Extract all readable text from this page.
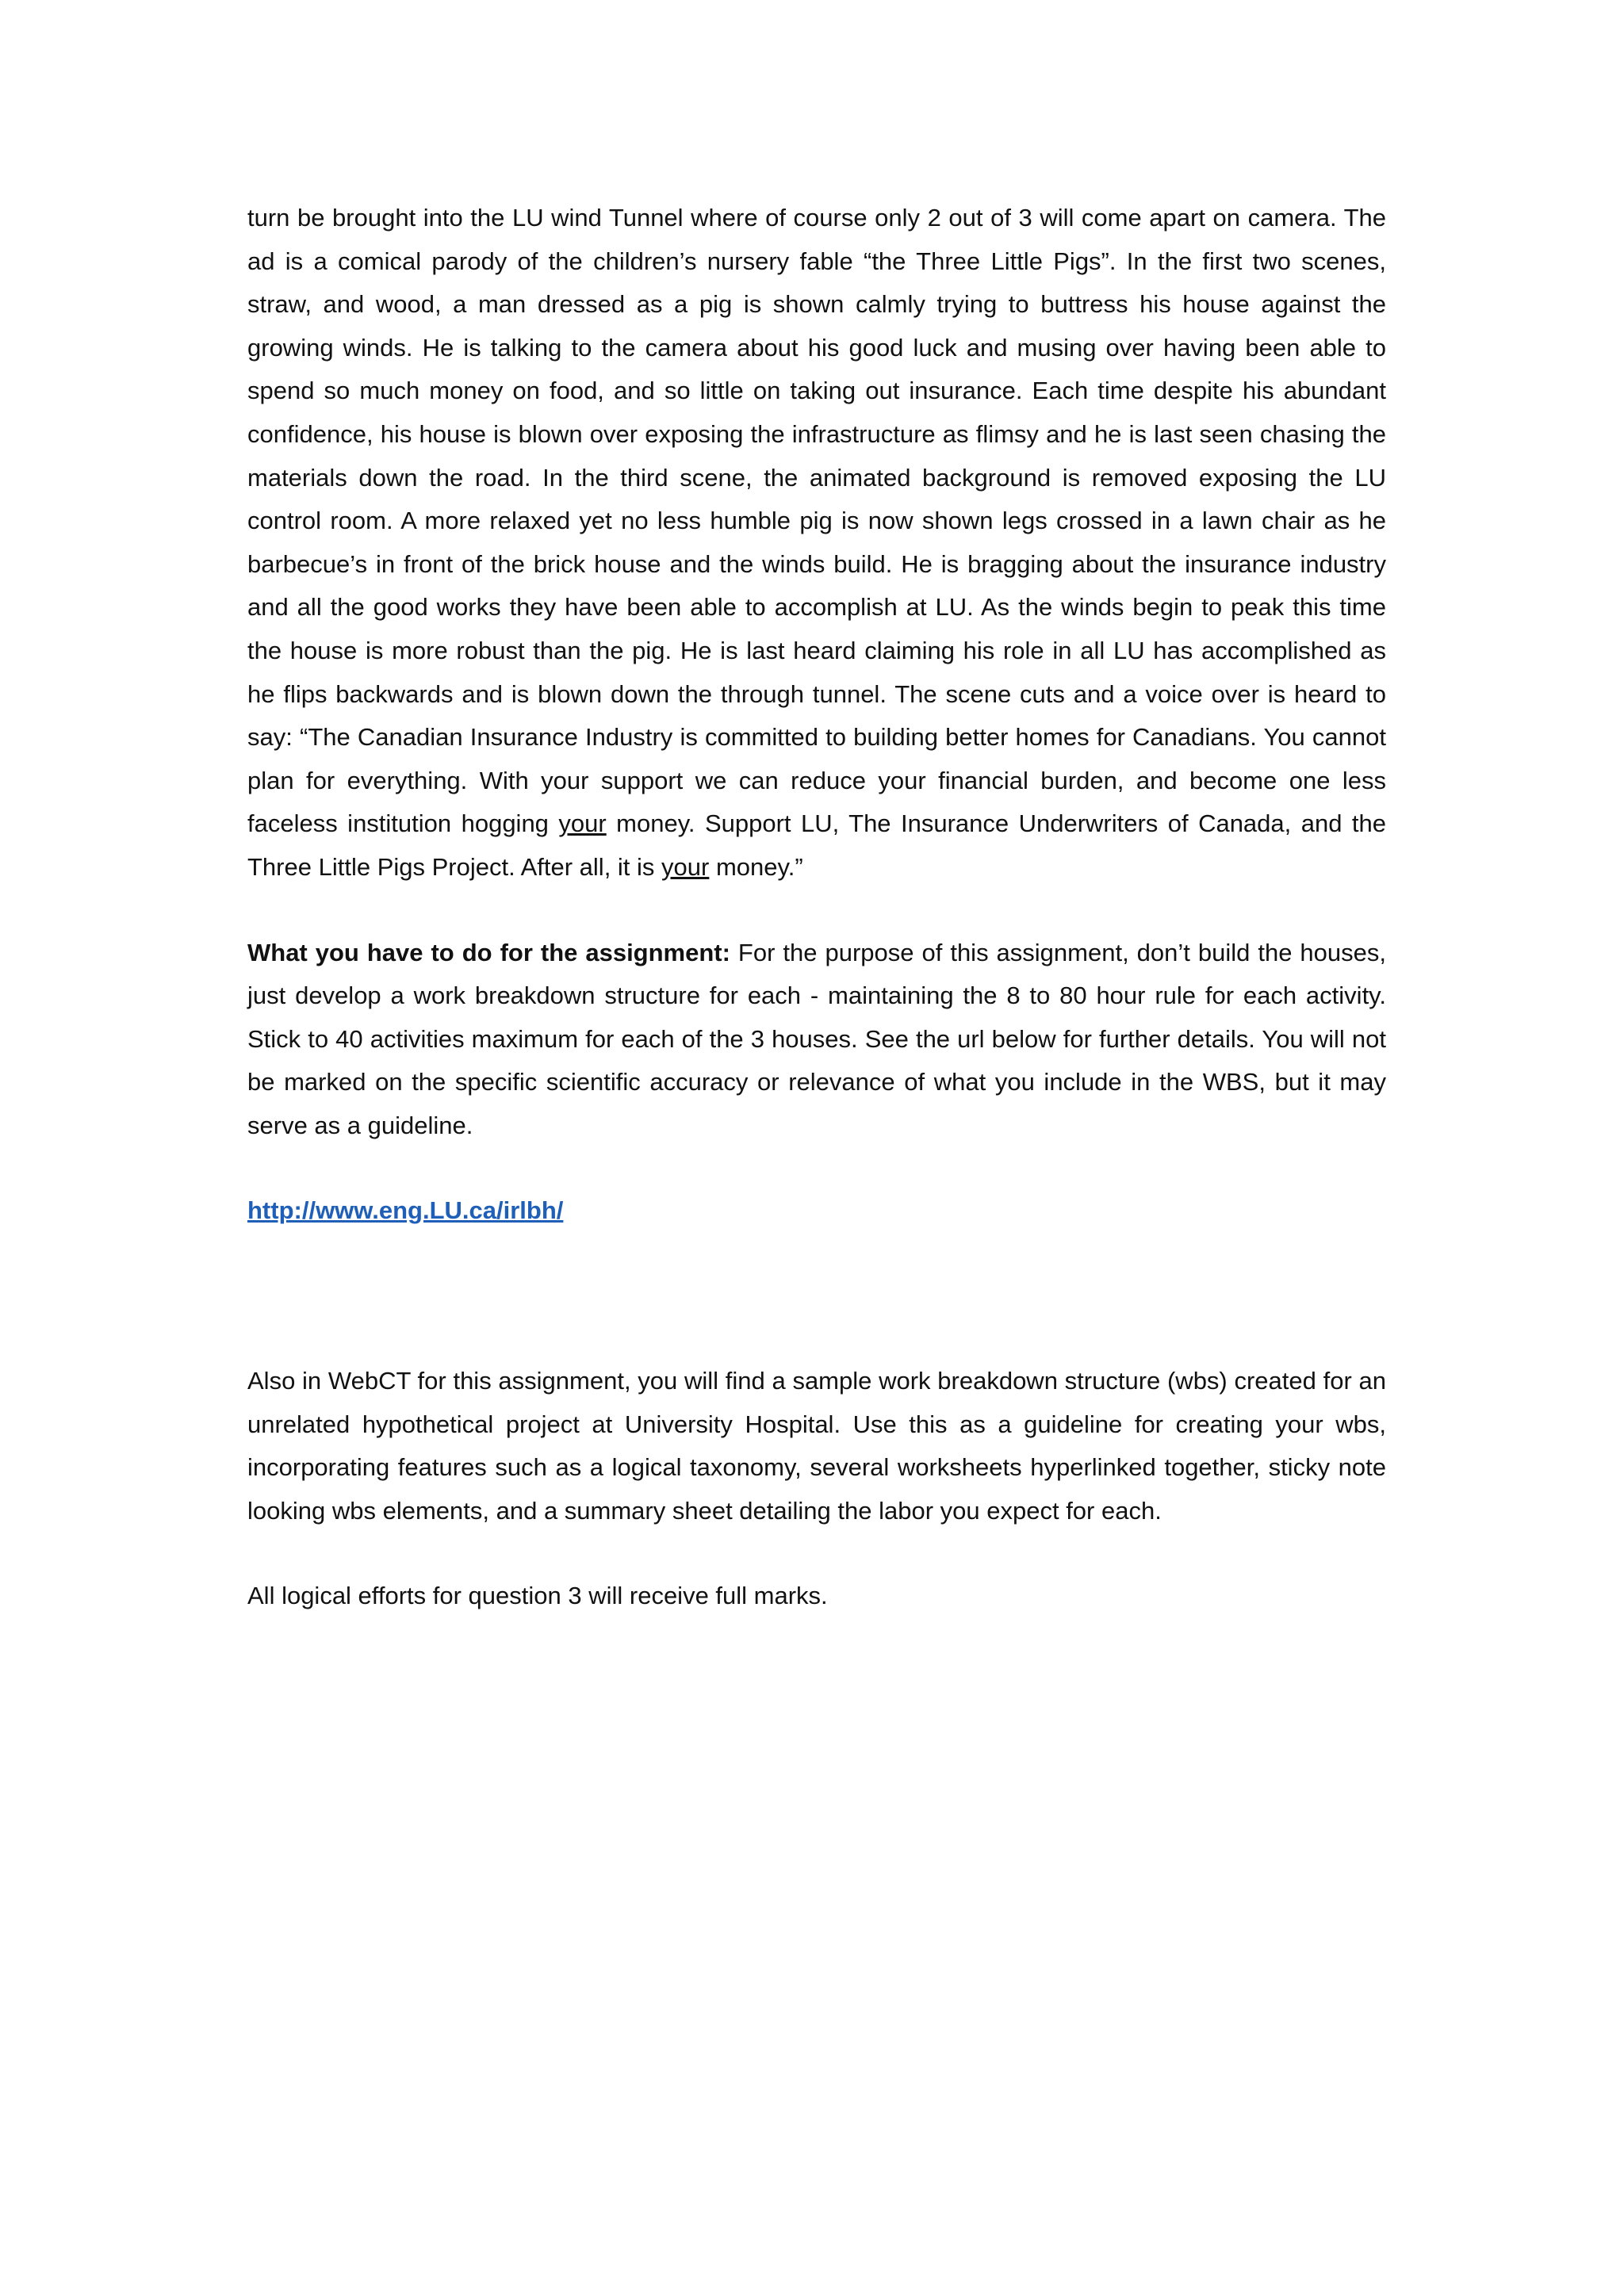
turn be brought into the LU wind Tunnel where of course only 2 out of 3 will come apart on camera. The ad is a comical parody of the children’s nursery fable “the Three Little Pigs”. In the first two scenes, straw, and wood, a man dressed as a pig is shown calmly trying to buttress his house against the growing winds. He is talking to the camera about his good luck and musing over having been able to spend so much money on food, and so little on taking out insurance. Each time despite his abundant confidence, his house is blown over exposing the infrastructure as flimsy and he is last seen chasing the materials down the road. In the third scene, the animated background is removed exposing the LU control room. A more relaxed yet no less humble pig is now shown legs crossed in a lawn chair as he barbecue’s in front of the brick house and the winds build. He is bragging about the insurance industry and all the good works they have been able to accomplish at LU. As the winds begin to peak this time the house is more robust than the pig. He is last heard claiming his role in all LU has accomplished as he flips backwards and is blown down the through tunnel. The scene cuts and a voice over is heard to say: “The Canadian Insurance Industry is committed to building better homes for Canadians. You cannot plan for everything. With your support we can reduce your financial burden, and become one less faceless institution hogging your money. Support LU, The Insurance Underwriters of Canada, and the Three Little Pigs Project. After all, it is your money.”

What you have to do for the assignment: For the purpose of this assignment, don’t build the houses, just develop a work breakdown structure for each - maintaining the 8 to 80 hour rule for each activity. Stick to 40 activities maximum for each of the 3 houses. See the url below for further details. You will not be marked on the specific scientific accuracy or relevance of what you include in the WBS, but it may serve as a guideline.

http://www.eng.LU.ca/irlbh/

Also in WebCT for this assignment, you will find a sample work breakdown structure (wbs) created for an unrelated hypothetical project at University Hospital. Use this as a guideline for creating your wbs, incorporating features such as a logical taxonomy, several worksheets hyperlinked together, sticky note looking wbs elements, and a summary sheet detailing the labor you expect for each.

All logical efforts for question 3 will receive full marks.
